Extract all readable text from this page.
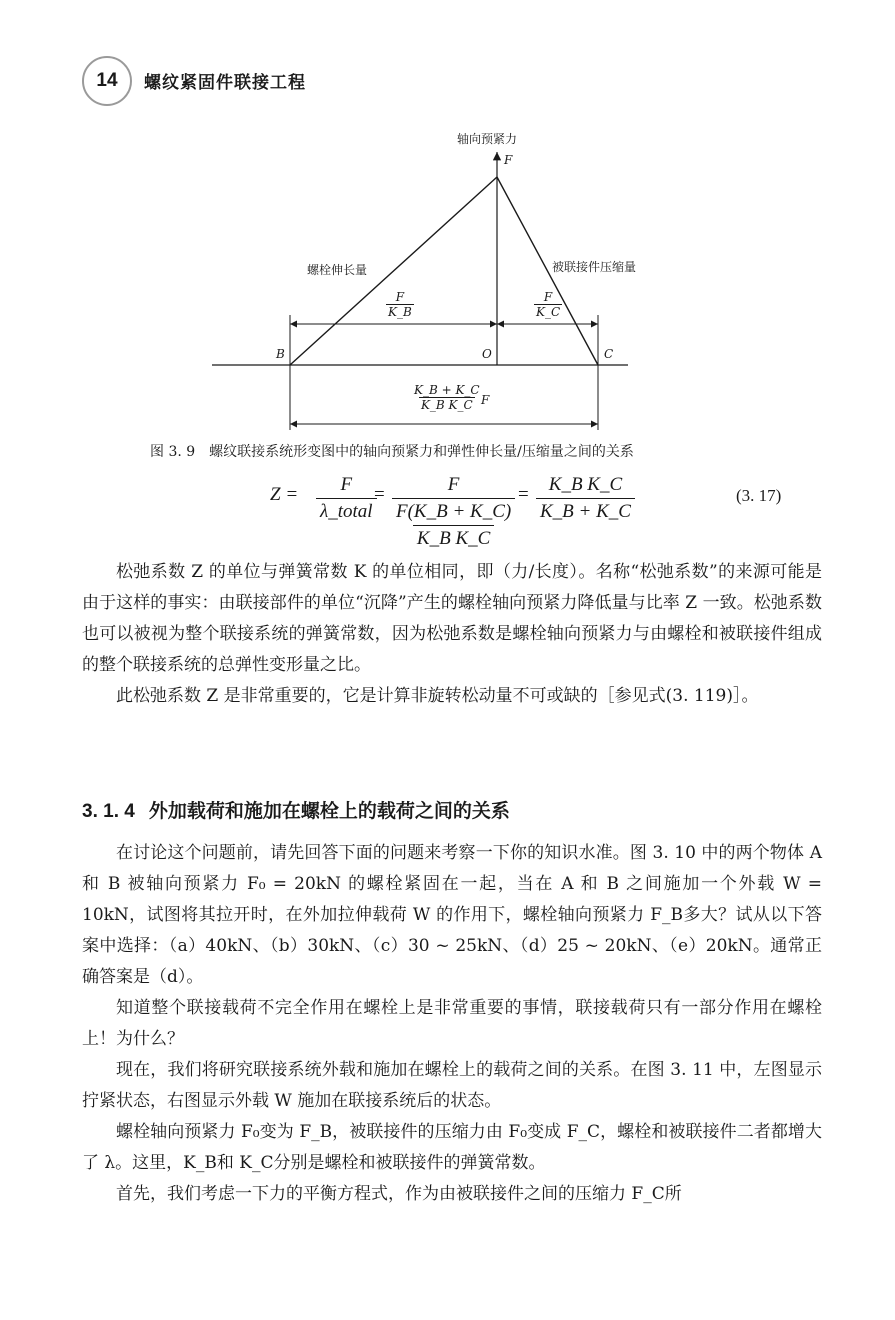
14	螺纹紧固件联接工程
轴向预紧力
F
螺栓伸长量	被联接件压缩量
$\frac{F}{K\_B}$	$\frac{F}{K\_C}$
B	O	C
$\frac{K\_B + K\_C}{\text{K\_B K\_C}}$ F
图 3. 9 螺纹联接系统形变图中的轴向预紧力和弹性伸长量/压缩量之间的关系
Z = F
λ_total
=	F
F(K_B + K_C)
K_B K_C
= $\frac{\text{K\_B K\_C}}{K\_B + K\_C}$	(3. 17)

松弛系数 Z 的单位与弹簧常数 K 的单位相同，即（力/长度）。名称“松弛系数”的来源可能是由于这样的事实：由联接部件的单位“沉降”产生的螺栓轴向预紧力降低量与比率 Z 一致。松弛系数也可以被视为整个联接系统的弹簧常数，因为松弛系数是螺栓轴向预紧力与由螺栓和被联接件组成的整个联接系统的总弹性变形量之比。

此松弛系数 Z 是非常重要的，它是计算非旋转松动量不可或缺的［参见式(3. 119)］。

3. 1. 4 外加载荷和施加在螺栓上的载荷之间的关系

在讨论这个问题前，请先回答下面的问题来考察一下你的知识水准。图 3. 10 中的两个物体 A 和 B 被轴向预紧力 F₀ = 20kN 的螺栓紧固在一起，当在 A 和 B 之间施加一个外载 W = 10kN，试图将其拉开时，在外加拉伸载荷 W 的作用下，螺栓轴向预紧力 F_B多大？试从以下答案中选择：（a）40kN、（b）30kN、（c）30 ~ 25kN、（d）25 ~ 20kN、（e）20kN。通常正确答案是（d）。

知道整个联接载荷不完全作用在螺栓上是非常重要的事情，联接载荷只有一部分作用在螺栓上！为什么？

现在，我们将研究联接系统外载和施加在螺栓上的载荷之间的关系。在图 3. 11 中，左图显示拧紧状态，右图显示外载 W 施加在联接系统后的状态。

螺栓轴向预紧力 F₀变为 F_B，被联接件的压缩力由 F₀变成 F_C，螺栓和被联接件二者都增大了 λ。这里，K_B和 K_C分别是螺栓和被联接件的弹簧常数。

首先，我们考虑一下力的平衡方程式，作为由被联接件之间的压缩力 F_C所
